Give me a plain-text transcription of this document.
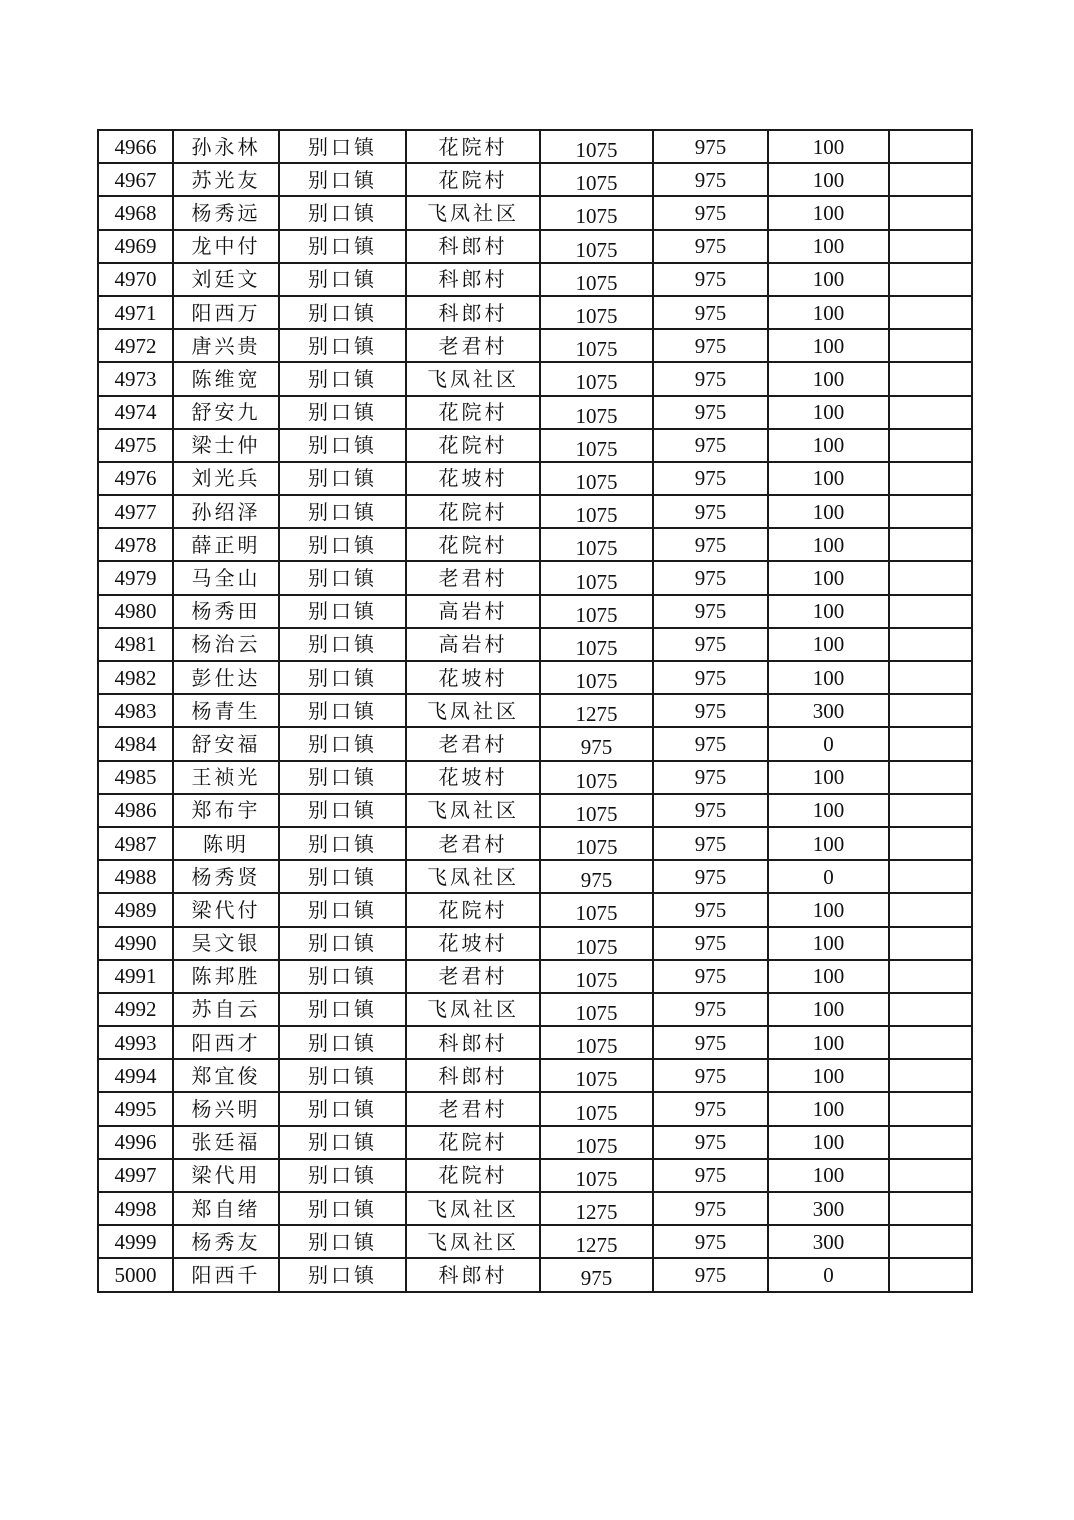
4966	孙永林	别口镇	花院村	1075	975	100	
4967	苏光友	别口镇	花院村	1075	975	100	
4968	杨秀远	别口镇	飞凤社区	1075	975	100	
4969	龙中付	别口镇	科郎村	1075	975	100	
4970	刘廷文	别口镇	科郎村	1075	975	100	
4971	阳西万	别口镇	科郎村	1075	975	100	
4972	唐兴贵	别口镇	老君村	1075	975	100	
4973	陈维宽	别口镇	飞凤社区	1075	975	100	
4974	舒安九	别口镇	花院村	1075	975	100	
4975	梁士仲	别口镇	花院村	1075	975	100	
4976	刘光兵	别口镇	花坡村	1075	975	100	
4977	孙绍泽	别口镇	花院村	1075	975	100	
4978	薛正明	别口镇	花院村	1075	975	100	
4979	马全山	别口镇	老君村	1075	975	100	
4980	杨秀田	别口镇	高岩村	1075	975	100	
4981	杨治云	别口镇	高岩村	1075	975	100	
4982	彭仕达	别口镇	花坡村	1075	975	100	
4983	杨青生	别口镇	飞凤社区	1275	975	300	
4984	舒安福	别口镇	老君村	975	975	0	
4985	王祯光	别口镇	花坡村	1075	975	100	
4986	郑布宇	别口镇	飞凤社区	1075	975	100	
4987	陈明	别口镇	老君村	1075	975	100	
4988	杨秀贤	别口镇	飞凤社区	975	975	0	
4989	梁代付	别口镇	花院村	1075	975	100	
4990	吴文银	别口镇	花坡村	1075	975	100	
4991	陈邦胜	别口镇	老君村	1075	975	100	
4992	苏自云	别口镇	飞凤社区	1075	975	100	
4993	阳西才	别口镇	科郎村	1075	975	100	
4994	郑宜俊	别口镇	科郎村	1075	975	100	
4995	杨兴明	别口镇	老君村	1075	975	100	
4996	张廷福	别口镇	花院村	1075	975	100	
4997	梁代用	别口镇	花院村	1075	975	100	
4998	郑自绪	别口镇	飞凤社区	1275	975	300	
4999	杨秀友	别口镇	飞凤社区	1275	975	300	
5000	阳西千	别口镇	科郎村	975	975	0	
